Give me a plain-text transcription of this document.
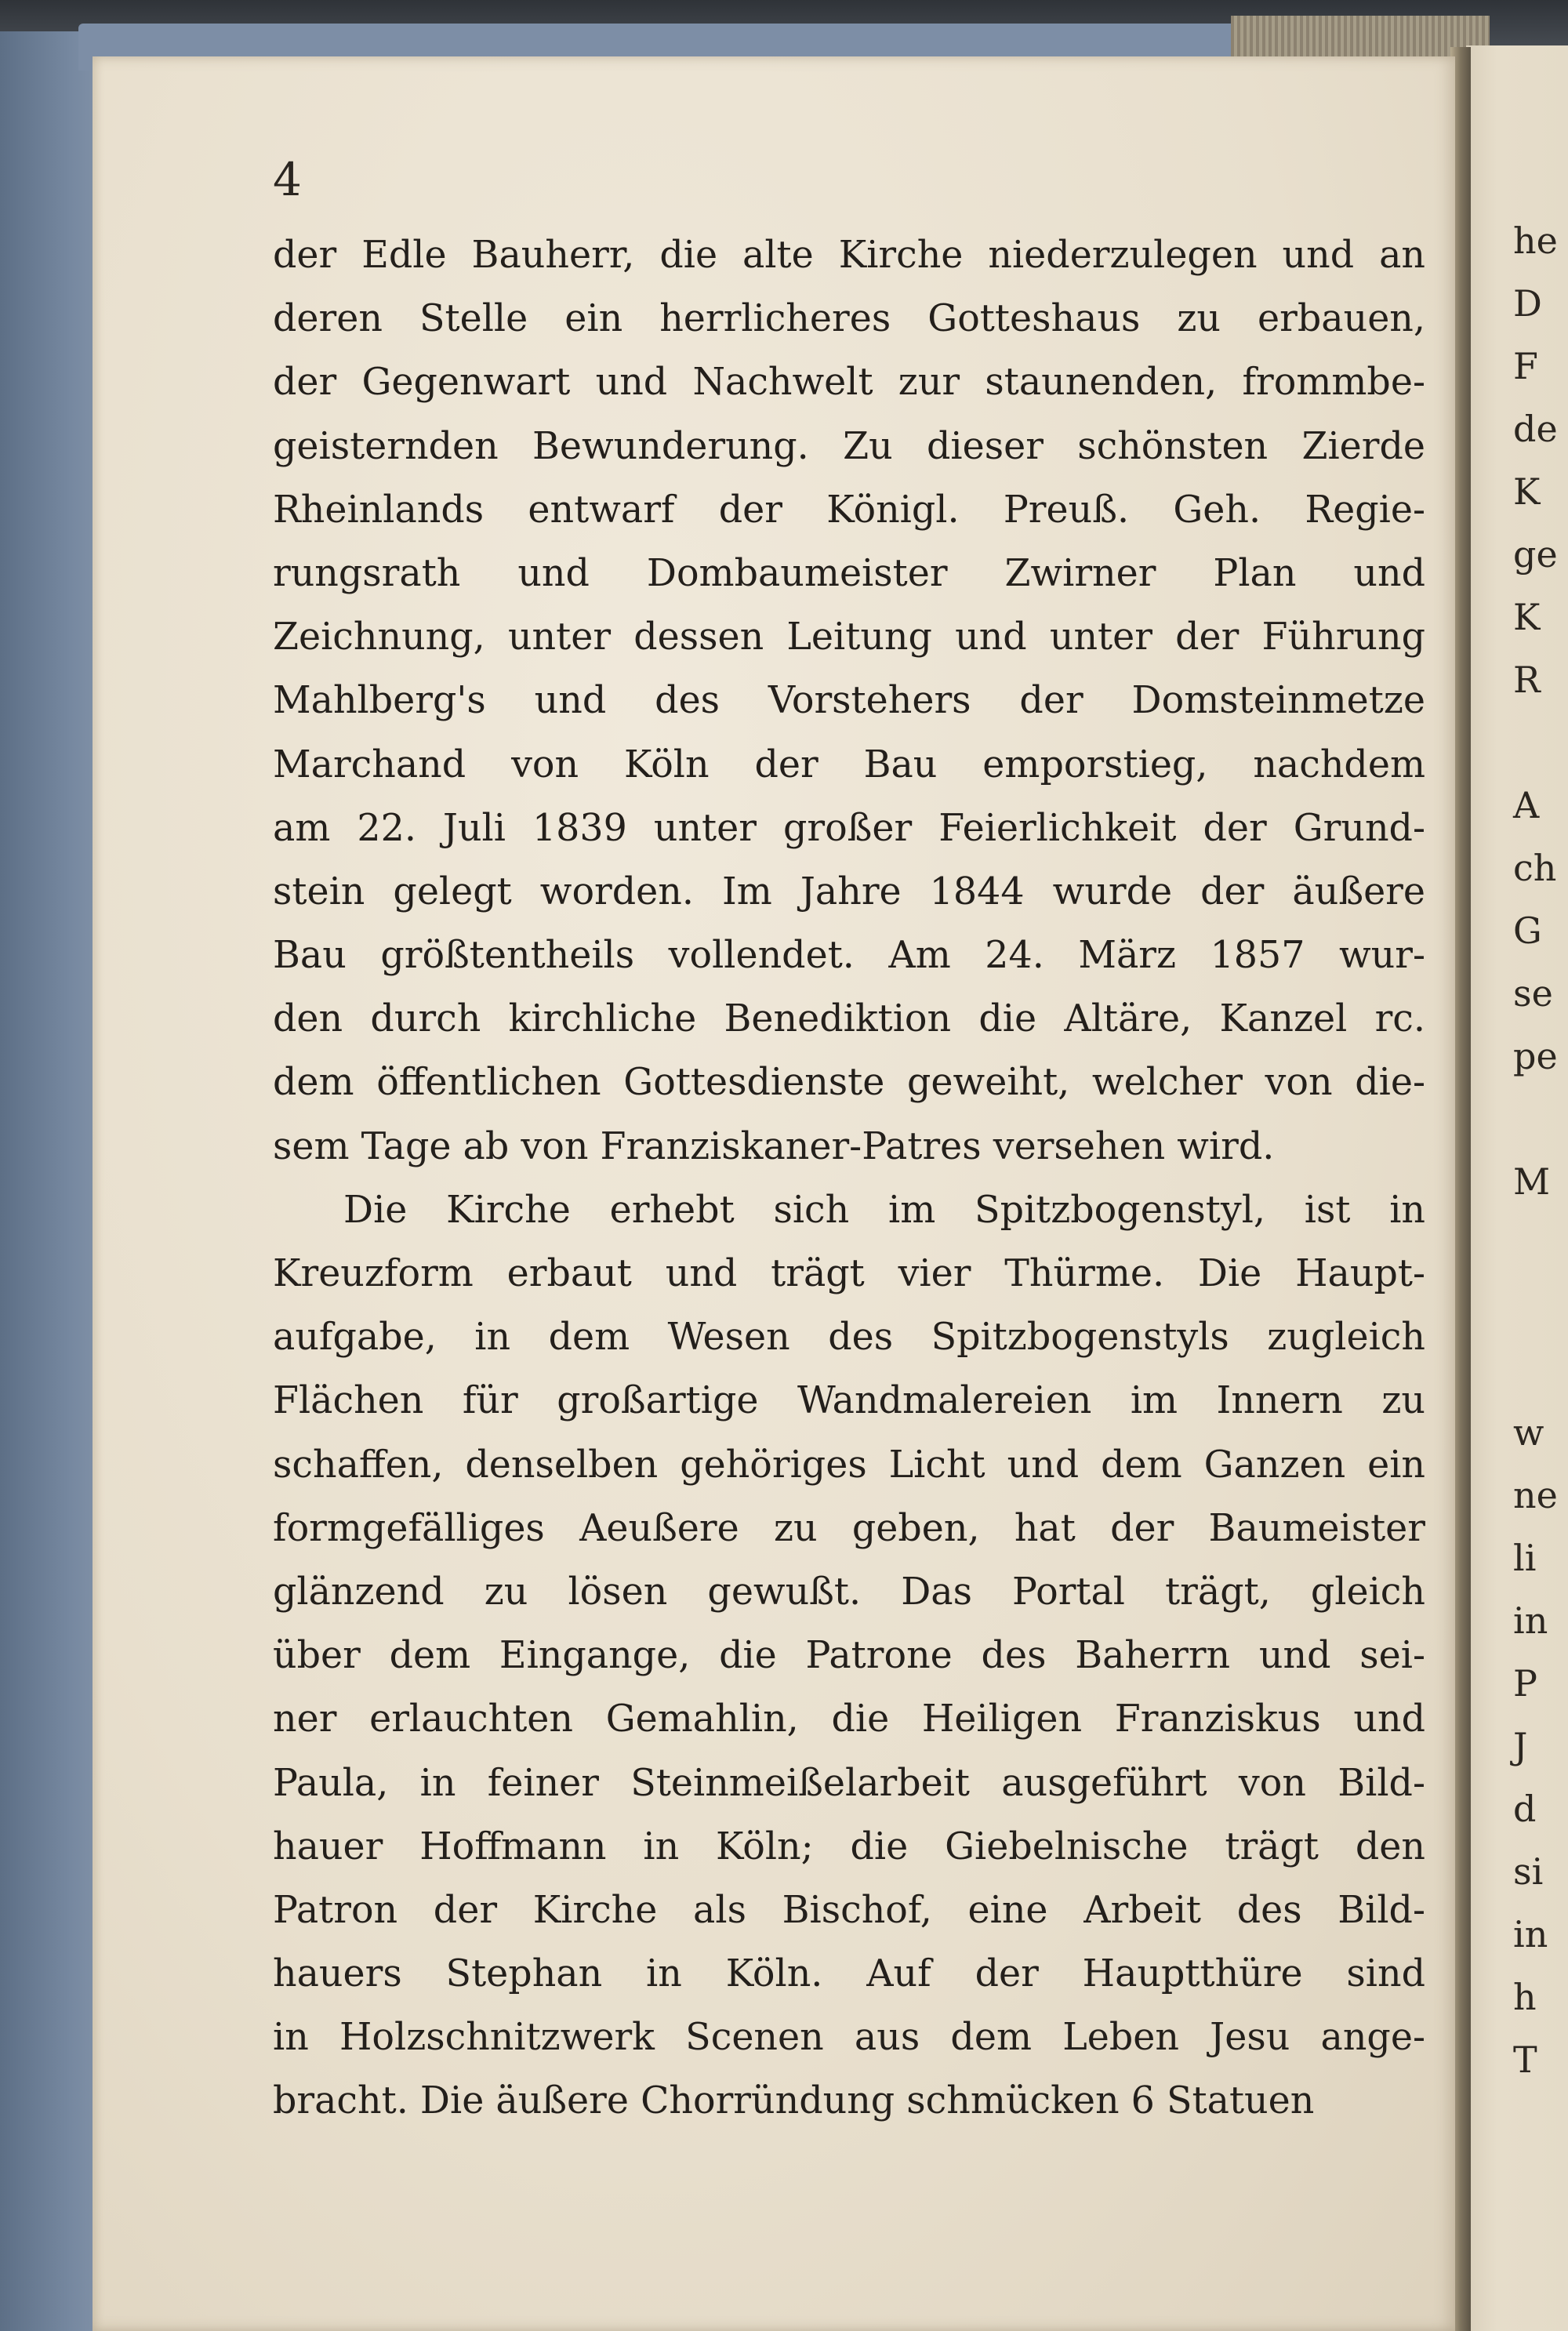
4
der Edle Bauherr, die alte Kirche niederzulegen und an
deren Stelle ein herrlicheres Gotteshaus zu erbauen,
der Gegenwart und Nachwelt zur staunenden, frommbe-
geisternden Bewunderung. Zu dieser schönsten Zierde
Rheinlands entwarf der Königl. Preuß. Geh. Regie-
rungsrath und Dombaumeister Zwirner Plan und
Zeichnung, unter dessen Leitung und unter der Führung
Mahlberg's und des Vorstehers der Domsteinmetze
Marchand von Köln der Bau emporstieg, nachdem
am 22. Juli 1839 unter großer Feierlichkeit der Grund-
stein gelegt worden. Im Jahre 1844 wurde der äußere
Bau größtentheils vollendet. Am 24. März 1857 wur-
den durch kirchliche Benediktion die Altäre, Kanzel rc.
dem öffentlichen Gottesdienste geweiht, welcher von die-
sem Tage ab von Franziskaner-Patres versehen wird.
Die Kirche erhebt sich im Spitzbogenstyl, ist in
Kreuzform erbaut und trägt vier Thürme. Die Haupt-
aufgabe, in dem Wesen des Spitzbogenstyls zugleich
Flächen für großartige Wandmalereien im Innern zu
schaffen, denselben gehöriges Licht und dem Ganzen ein
formgefälliges Aeußere zu geben, hat der Baumeister
glänzend zu lösen gewußt. Das Portal trägt, gleich
über dem Eingange, die Patrone des Baherrn und sei-
ner erlauchten Gemahlin, die Heiligen Franziskus und
Paula, in feiner Steinmeißelarbeit ausgeführt von Bild-
hauer Hoffmann in Köln; die Giebelnische trägt den
Patron der Kirche als Bischof, eine Arbeit des Bild-
hauers Stephan in Köln. Auf der Hauptthüre sind
in Holzschnitzwerk Scenen aus dem Leben Jesu ange-
bracht. Die äußere Chorründung schmücken 6 Statuen
he
D
F
de
K
ge
K
R
A
ch
G
se
pe
M
w
ne
li
in
P
J
d
si
in
h
T
